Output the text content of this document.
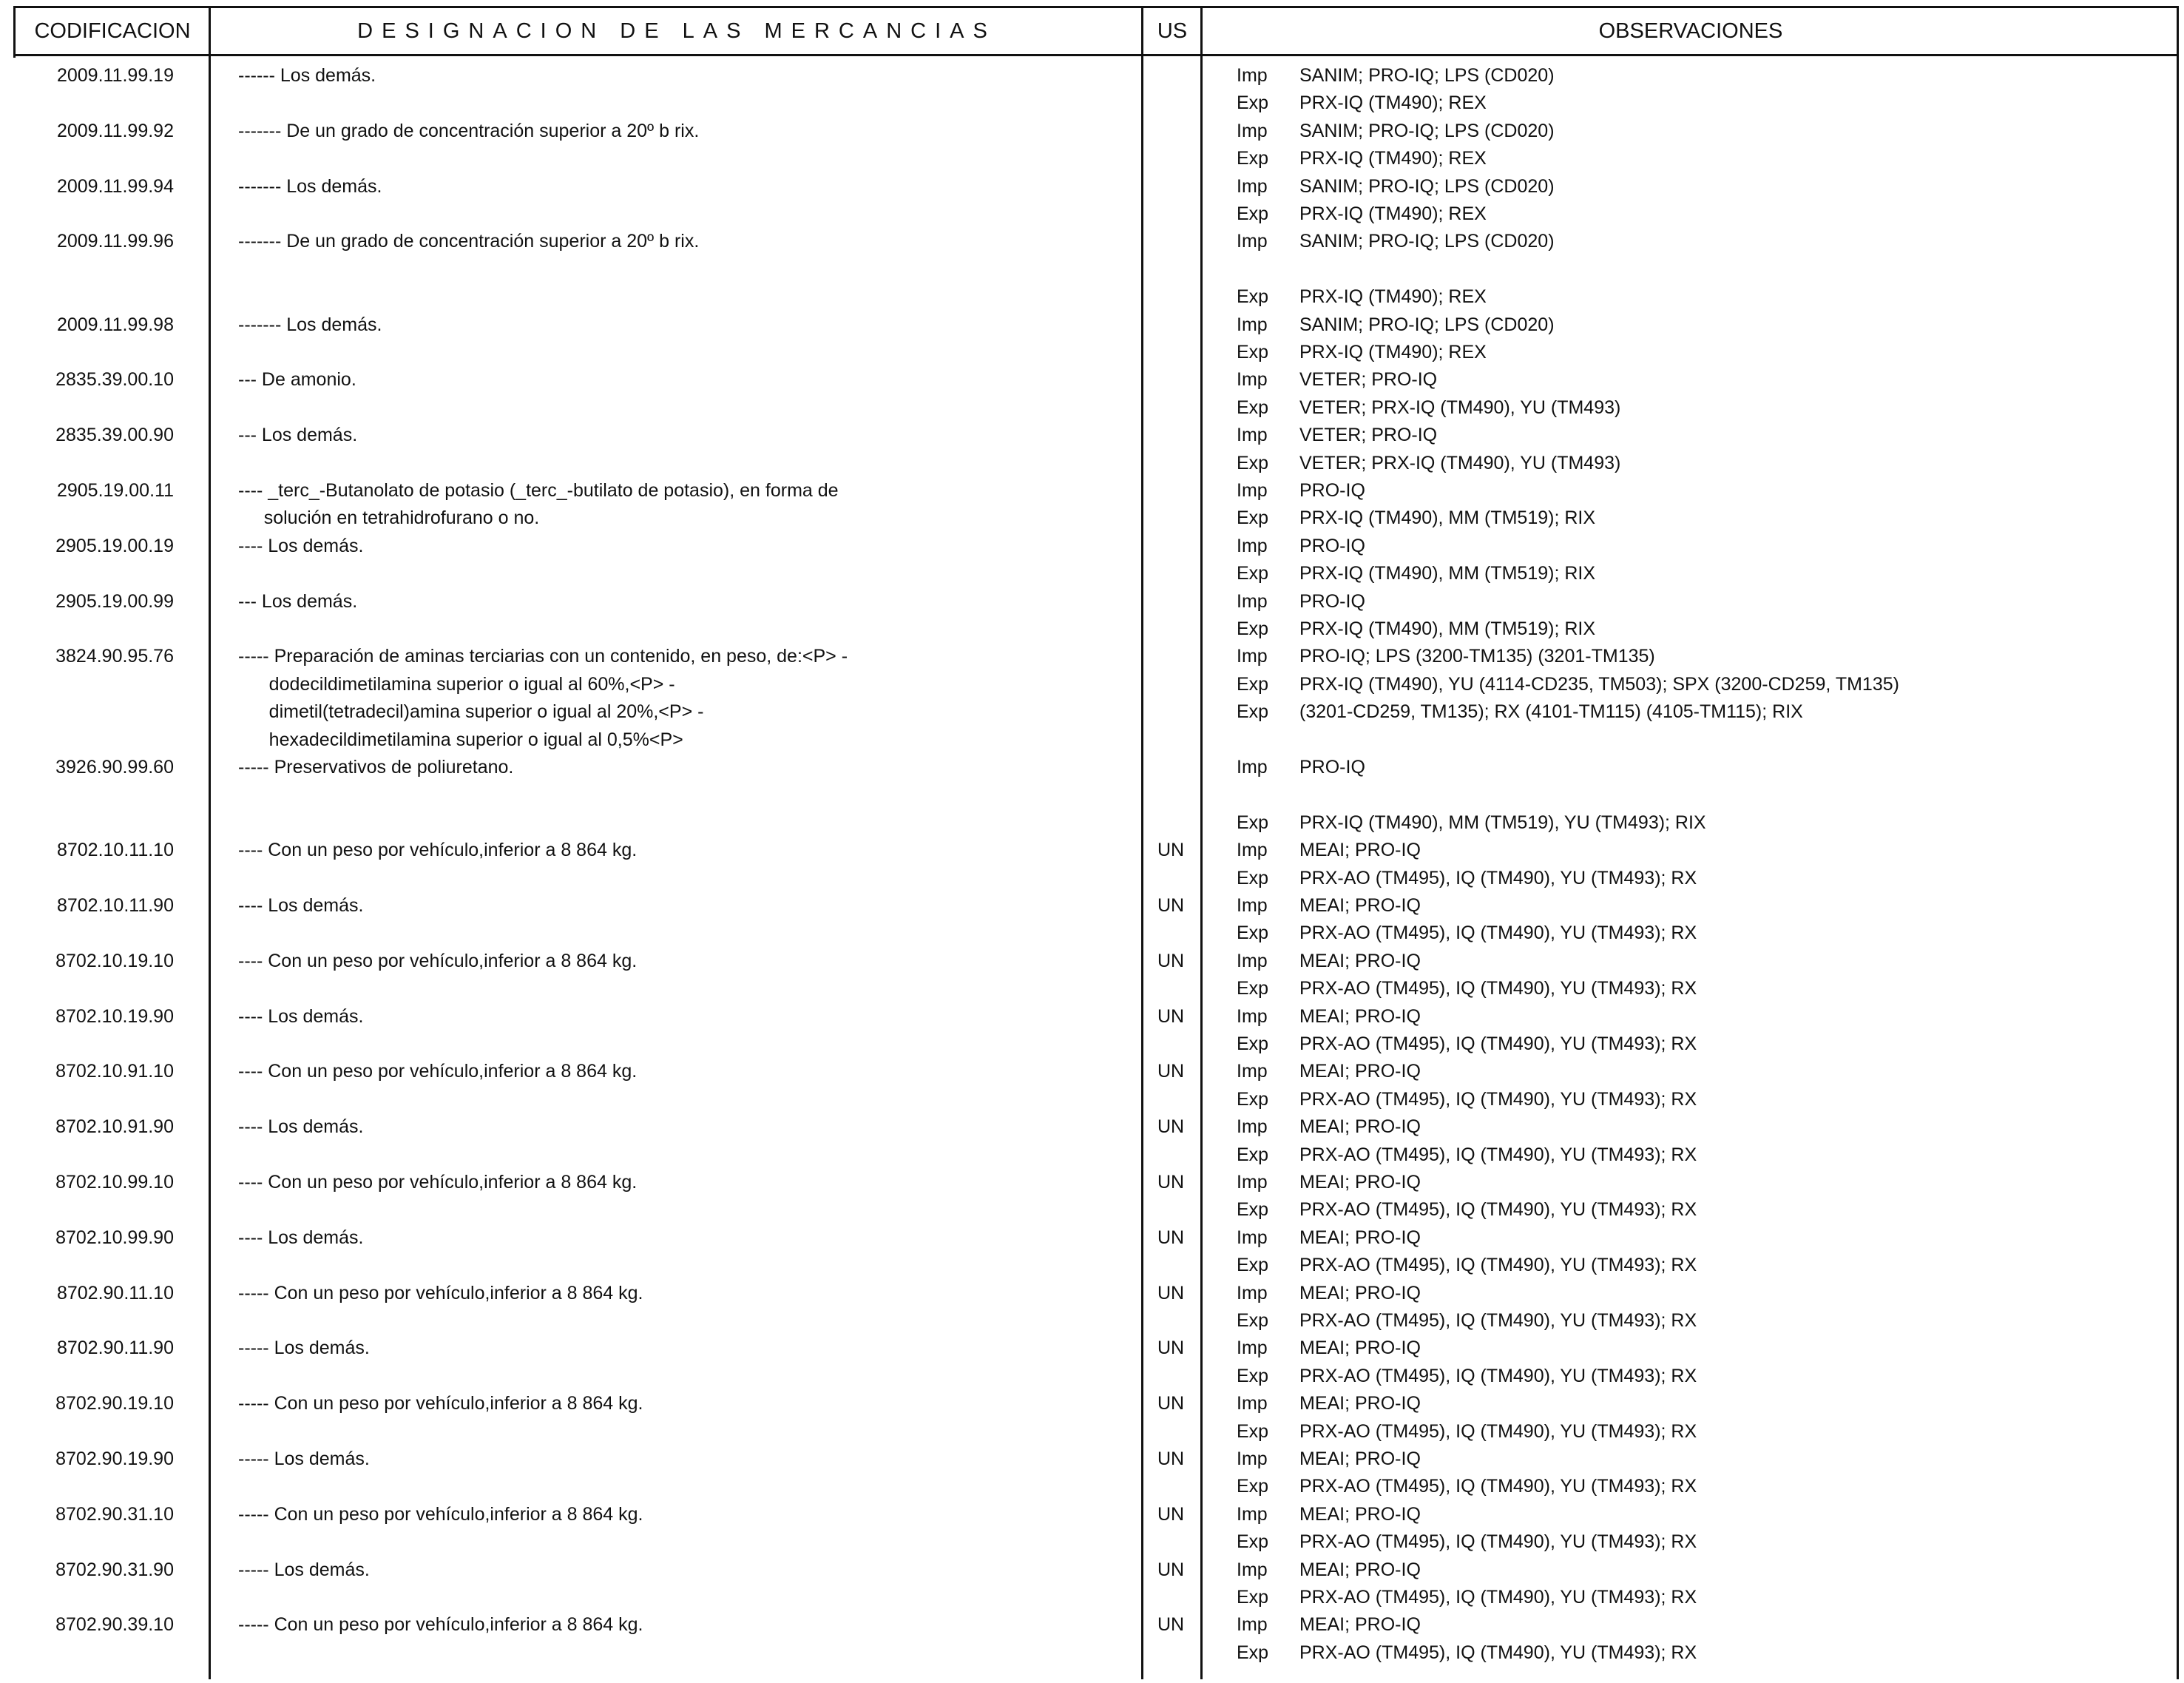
CODIFICACION	DESIGNACION DE LAS MERCANCIAS	US	OBSERVACIONES
2009.11.99.19	------ Los demás.	Imp	SANIM; PRO-IQ; LPS (CD020)
Exp	PRX-IQ (TM490); REX
2009.11.99.92	------- De un grado de concentración superior a 20º b rix.	Imp	SANIM; PRO-IQ; LPS (CD020)
Exp	PRX-IQ (TM490); REX
2009.11.99.94	------- Los demás.	Imp	SANIM; PRO-IQ; LPS (CD020)
Exp	PRX-IQ (TM490); REX
2009.11.99.96	------- De un grado de concentración superior a 20º b rix.	Imp	SANIM; PRO-IQ; LPS (CD020)
Exp	PRX-IQ (TM490); REX
2009.11.99.98	------- Los demás.	Imp	SANIM; PRO-IQ; LPS (CD020)
Exp	PRX-IQ (TM490); REX
2835.39.00.10	--- De amonio.	Imp	VETER; PRO-IQ
Exp	VETER; PRX-IQ (TM490), YU (TM493)
2835.39.00.90	--- Los demás.	Imp	VETER; PRO-IQ
Exp	VETER; PRX-IQ (TM490), YU (TM493)
2905.19.00.11	---- _terc_-Butanolato de potasio (_terc_-butilato de potasio), en forma de
solución en tetrahidrofurano o no.
Imp	PRO-IQ
Exp	PRX-IQ (TM490), MM (TM519); RIX
2905.19.00.19	---- Los demás.	Imp	PRO-IQ
Exp	PRX-IQ (TM490), MM (TM519); RIX
2905.19.00.99	--- Los demás.	Imp	PRO-IQ
Exp	PRX-IQ (TM490), MM (TM519); RIX
3824.90.95.76	----- Preparación de aminas terciarias con un contenido, en peso, de:<P> -
dodecildimetilamina superior o igual al 60%,<P> -
dimetil(tetradecil)amina superior o igual al 20%,<P> -
hexadecildimetilamina superior o igual al 0,5%<P>
Imp	PRO-IQ; LPS (3200-TM135) (3201-TM135)
Exp	PRX-IQ (TM490), YU (4114-CD235, TM503); SPX (3200-CD259, TM135)
Exp	(3201-CD259, TM135); RX (4101-TM115) (4105-TM115); RIX
3926.90.99.60	----- Preservativos de poliuretano.	Imp	PRO-IQ
Exp	PRX-IQ (TM490), MM (TM519), YU (TM493); RIX
8702.10.11.10	---- Con un peso por vehículo,inferior a 8 864 kg.	UN	Imp	MEAI; PRO-IQ
Exp	PRX-AO (TM495), IQ (TM490), YU (TM493); RX
8702.10.11.90	---- Los demás.	UN	Imp	MEAI; PRO-IQ
Exp	PRX-AO (TM495), IQ (TM490), YU (TM493); RX
8702.10.19.10	---- Con un peso por vehículo,inferior a 8 864 kg.	UN	Imp	MEAI; PRO-IQ
Exp	PRX-AO (TM495), IQ (TM490), YU (TM493); RX
8702.10.19.90	---- Los demás.	UN	Imp	MEAI; PRO-IQ
Exp	PRX-AO (TM495), IQ (TM490), YU (TM493); RX
8702.10.91.10	---- Con un peso por vehículo,inferior a 8 864 kg.	UN	Imp	MEAI; PRO-IQ
Exp	PRX-AO (TM495), IQ (TM490), YU (TM493); RX
8702.10.91.90	---- Los demás.	UN	Imp	MEAI; PRO-IQ
Exp	PRX-AO (TM495), IQ (TM490), YU (TM493); RX
8702.10.99.10	---- Con un peso por vehículo,inferior a 8 864 kg.	UN	Imp	MEAI; PRO-IQ
Exp	PRX-AO (TM495), IQ (TM490), YU (TM493); RX
8702.10.99.90	---- Los demás.	UN	Imp	MEAI; PRO-IQ
Exp	PRX-AO (TM495), IQ (TM490), YU (TM493); RX
8702.90.11.10	----- Con un peso por vehículo,inferior a 8 864 kg.	UN	Imp	MEAI; PRO-IQ
Exp	PRX-AO (TM495), IQ (TM490), YU (TM493); RX
8702.90.11.90	----- Los demás.	UN	Imp	MEAI; PRO-IQ
Exp	PRX-AO (TM495), IQ (TM490), YU (TM493); RX
8702.90.19.10	----- Con un peso por vehículo,inferior a 8 864 kg.	UN	Imp	MEAI; PRO-IQ
Exp	PRX-AO (TM495), IQ (TM490), YU (TM493); RX
8702.90.19.90	----- Los demás.	UN	Imp	MEAI; PRO-IQ
Exp	PRX-AO (TM495), IQ (TM490), YU (TM493); RX
8702.90.31.10	----- Con un peso por vehículo,inferior a 8 864 kg.	UN	Imp	MEAI; PRO-IQ
Exp	PRX-AO (TM495), IQ (TM490), YU (TM493); RX
8702.90.31.90	----- Los demás.	UN	Imp	MEAI; PRO-IQ
Exp	PRX-AO (TM495), IQ (TM490), YU (TM493); RX
8702.90.39.10	----- Con un peso por vehículo,inferior a 8 864 kg.	UN	Imp	MEAI; PRO-IQ
Exp	PRX-AO (TM495), IQ (TM490), YU (TM493); RX
